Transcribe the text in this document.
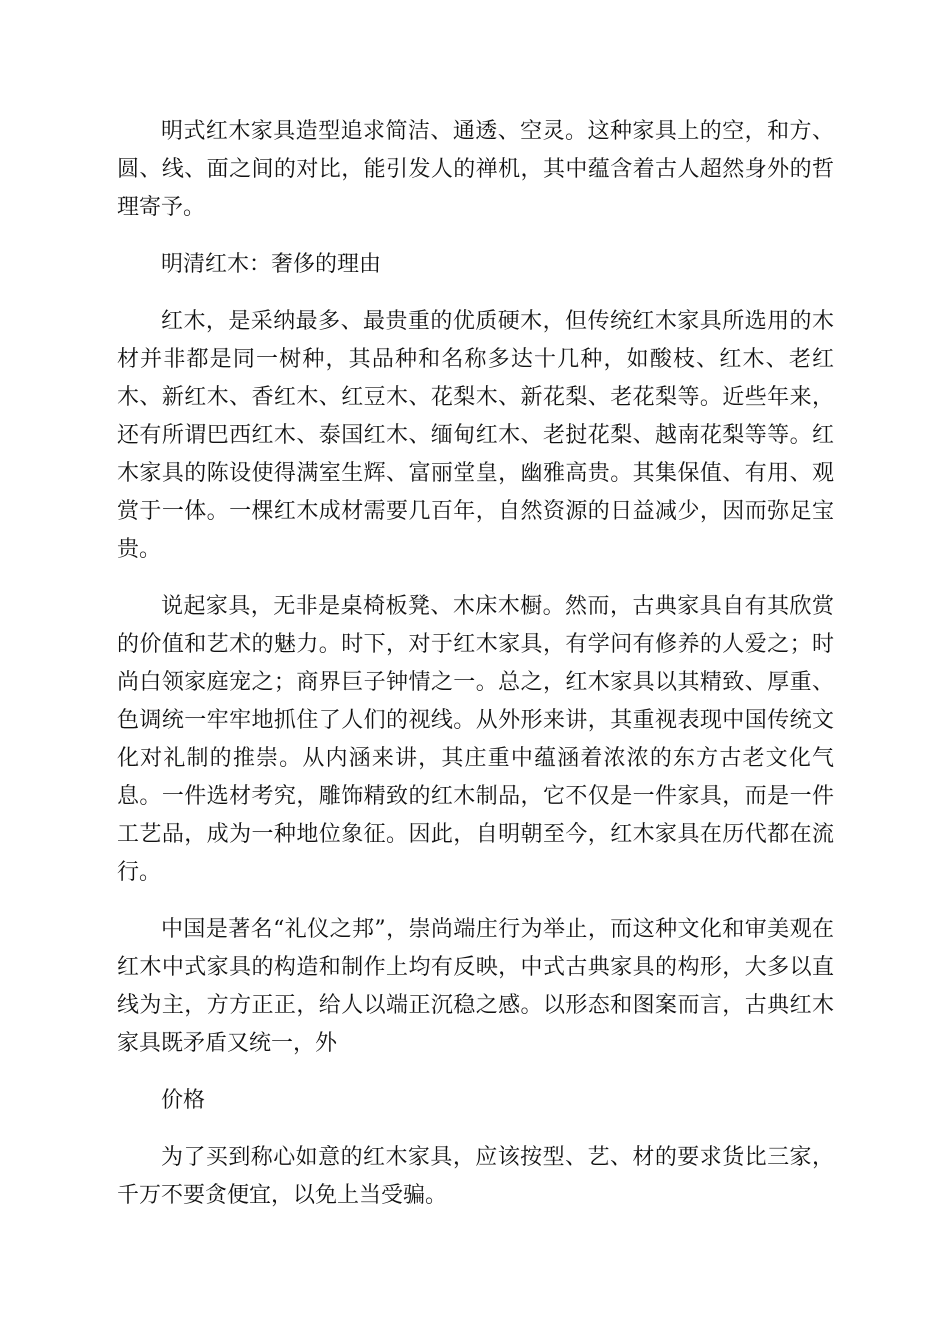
明式红木家具造型追求简洁、通透、空灵。这种家具上的空，和方、圆、线、面之间的对比，能引发人的禅机，其中蕴含着古人超然身外的哲理寄予。

明清红木：奢侈的理由

红木，是采纳最多、最贵重的优质硬木，但传统红木家具所选用的木材并非都是同一树种，其品种和名称多达十几种，如酸枝、红木、老红木、新红木、香红木、红豆木、花梨木、新花梨、老花梨等。近些年来，还有所谓巴西红木、泰国红木、缅甸红木、老挝花梨、越南花梨等等。红木家具的陈设使得满室生辉、富丽堂皇，幽雅高贵。其集保值、有用、观赏于一体。一棵红木成材需要几百年，自然资源的日益减少，因而弥足宝贵。

说起家具，无非是桌椅板凳、木床木橱。然而，古典家具自有其欣赏的价值和艺术的魅力。时下，对于红木家具，有学问有修养的人爱之；时尚白领家庭宠之；商界巨子钟情之一。总之，红木家具以其精致、厚重、色调统一牢牢地抓住了人们的视线。从外形来讲，其重视表现中国传统文化对礼制的推崇。从内涵来讲，其庄重中蕴涵着浓浓的东方古老文化气息。一件选材考究，雕饰精致的红木制品，它不仅是一件家具，而是一件工艺品，成为一种地位象征。因此，自明朝至今，红木家具在历代都在流行。

中国是著名“礼仪之邦”，崇尚端庄行为举止，而这种文化和审美观在红木中式家具的构造和制作上均有反映，中式古典家具的构形，大多以直线为主，方方正正，给人以端正沉稳之感。以形态和图案而言，古典红木家具既矛盾又统一，外

价格

为了买到称心如意的红木家具，应该按型、艺、材的要求货比三家，千万不要贪便宜，以免上当受骗。
